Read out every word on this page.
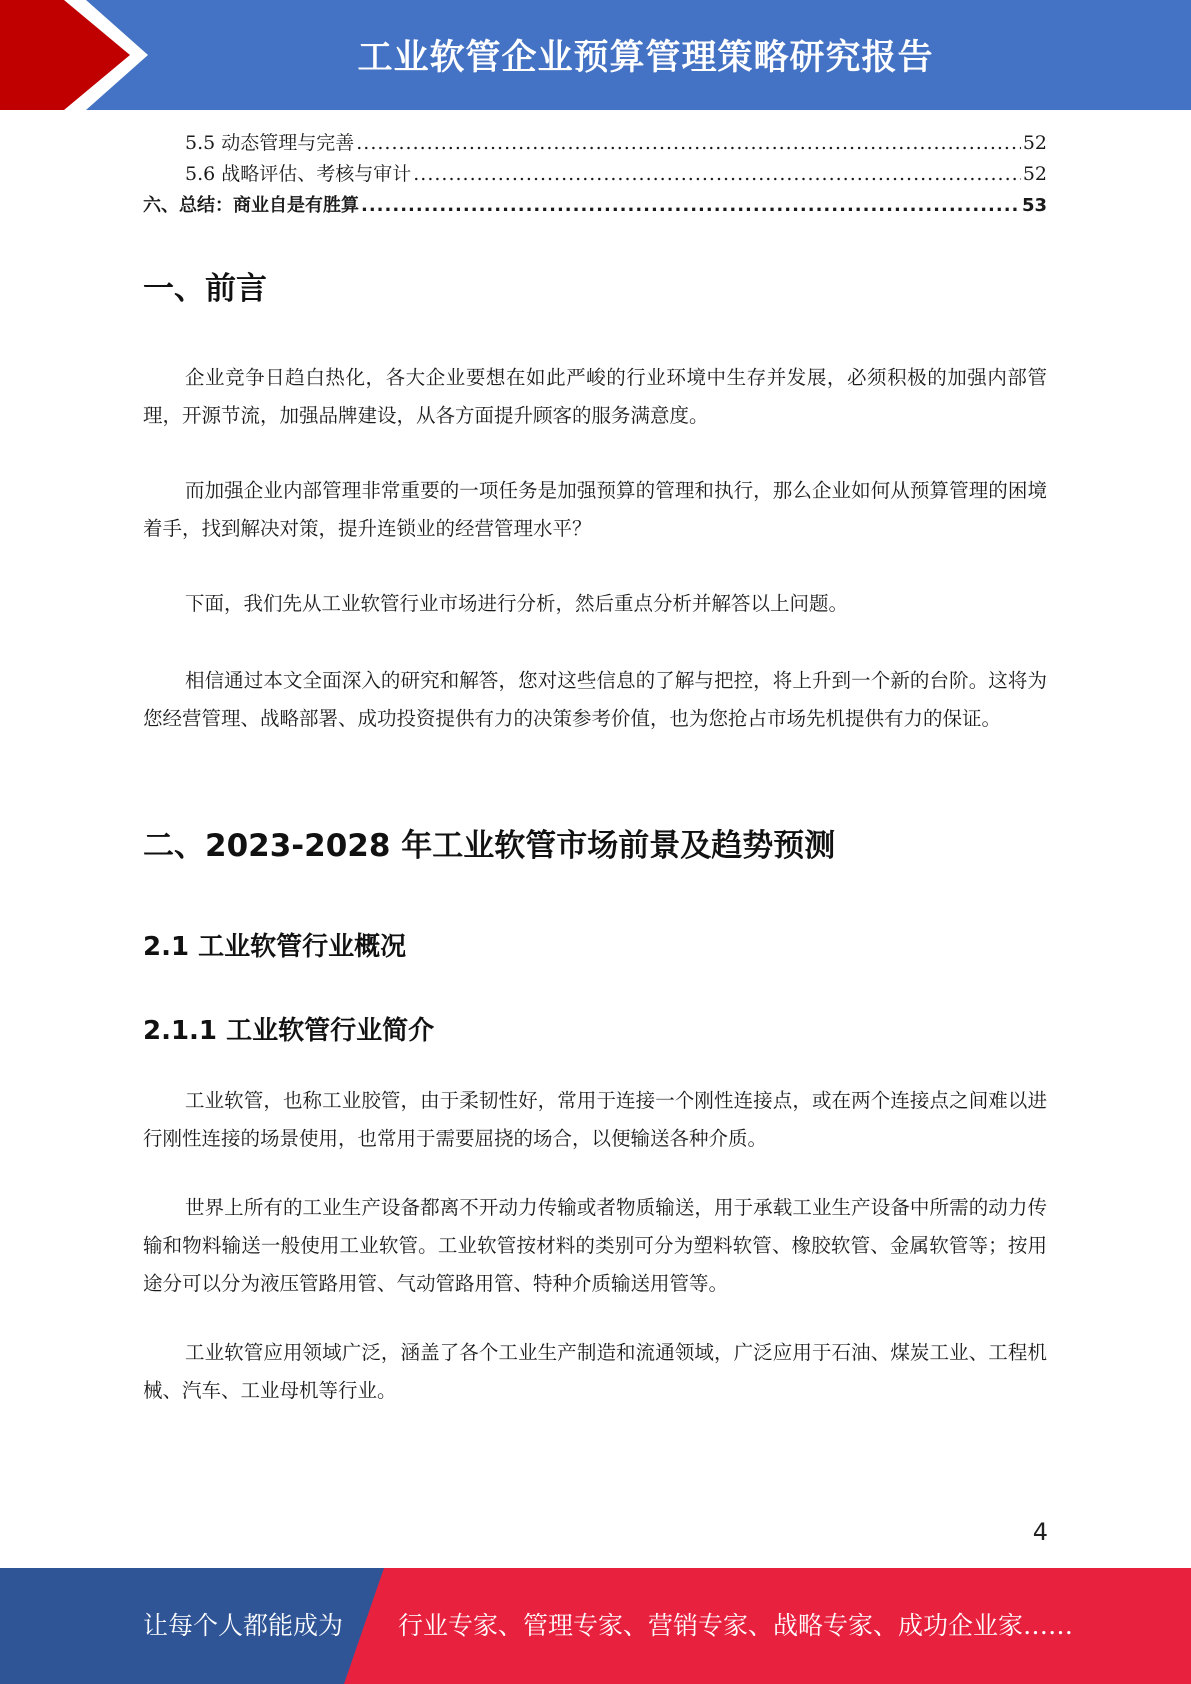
工业软管企业预算管理策略研究报告
5.5 动态管理与完善 .....	52
5.6 战略评估、考核与审计 .....	52
六、总结：商业自是有胜算 .....	53
一、前言

企业竞争日趋白热化，各大企业要想在如此严峻的行业环境中生存并发展，必须积极的加强内部管理，开源节流，加强品牌建设，从各方面提升顾客的服务满意度。

而加强企业内部管理非常重要的一项任务是加强预算的管理和执行，那么企业如何从预算管理的困境着手，找到解决对策，提升连锁业的经营管理水平？

下面，我们先从工业软管行业市场进行分析，然后重点分析并解答以上问题。

相信通过本文全面深入的研究和解答，您对这些信息的了解与把控，将上升到一个新的台阶。这将为您经营管理、战略部署、成功投资提供有力的决策参考价值，也为您抢占市场先机提供有力的保证。

二、2023-2028 年工业软管市场前景及趋势预测
2.1 工业软管行业概况
2.1.1 工业软管行业简介

工业软管，也称工业胶管，由于柔韧性好，常用于连接一个刚性连接点，或在两个连接点之间难以进行刚性连接的场景使用，也常用于需要屈挠的场合，以便输送各种介质。

世界上所有的工业生产设备都离不开动力传输或者物质输送，用于承载工业生产设备中所需的动力传输和物料输送一般使用工业软管。工业软管按材料的类别可分为塑料软管、橡胶软管、金属软管等；按用途分可以分为液压管路用管、气动管路用管、特种介质输送用管等。

工业软管应用领域广泛，涵盖了各个工业生产制造和流通领域，广泛应用于石油、煤炭工业、工程机械、汽车、工业母机等行业。

4
让每个人都能成为 行业专家、管理专家、营销专家、战略专家、成功企业家……
